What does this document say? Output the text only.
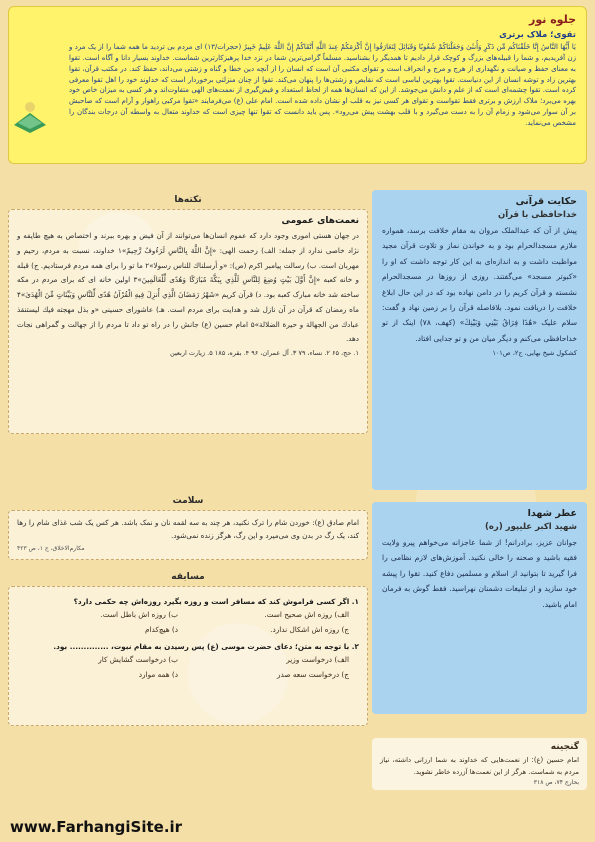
جلوه نور
تقوی؛ ملاک برتری
يَا أَيُّهَا النَّاسُ إِنَّا خَلَقْنَاكُم مِّن ذَكَرٍ وَأُنثَىٰ وَجَعَلْنَاكُمْ شُعُوبًا وَقَبَائِلَ لِتَعَارَفُوا إِنَّ أَكْرَمَكُمْ عِندَ اللَّهِ أَتْقَاكُمْ إِنَّ اللَّهَ عَلِيمٌ خَبِيرٌ (حجرات/۱۳) ای مردم بی تردید ما همه شما را از یک مرد و زن آفریدیم، و شما را قبیله‌های بزرگ و کوچک قرار دادیم تا همدیگر را بشناسید. مسلماً گرامی‌ترین شما در نزد خدا پرهیزکارترین شماست. خداوند بسیار دانا و آگاه است. تقوا به معنای حفظ و صیانت و نگهداری از هرج و مرج و انحراف است و تقوای مکتبی آن است که انسان را از آنچه دین خطا و گناه و زشتی می‌داند، حفظ کند. در مکتب قرآن، تقوا بهترین زاد و توشه انسان از این دنیاست. تقوا بهترین لباسی است که نقایص و زشتی‌ها را پنهان می‌کند. تقوا از چنان منزلتی برخوردار است که خداوند خود را اهل تقوا معرفی کرده است. تقوا چشمه‌ای است که از علم و دانش می‌جوشد. از این که انسان‌ها همه از لحاظ استعداد و فیض‌گیری از نعمت‌های الهی متفاوت‌اند و هر کسی به میزان خاص خود بهره می‌برد؛ ملاک ارزش و برتری فقط تقواست و تقوای هر کسی نیز به قلب او نشان داده شده است. امام علی (ع) می‌فرمایند «تقوا مرکبی راهوار و آرام است که صاحبش بر آن سوار می‌شود و زمام آن را به دست می‌گیرد و با قلب بهشت پیش می‌رود». پس باید دانست که تقوا تنها چیزی است که خداوند متعال به واسطه آن درجات بندگان را مشخص می‌نماید.
نکته‌ها
نعمت‌های عمومی

در جهان هستی اموری وجود دارد که عموم انسان‌ها می‌توانند از آن فیض و بهره ببرند و اختصاص به هیچ طایفه و نژاد خاصی ندارد از جمله: الف) رحمت الهی: «إِنَّ اللَّهَ بِالنَّاسِ لَرَءُوفٌ رَّحِيمٌ»۱ خداوند، نسبت به مردم، رحیم و مهربان است. ب) رسالت پیامبر اکرم (ص): «و أرسلناك للناس رسولا»۲ ما تو را برای همه مردم فرستادیم. ج) قبله و خانه کعبه «إِنَّ أَوَّلَ بَيْتٍ وُضِعَ لِلنَّاسِ لَلَّذِي بِبَكَّةَ مُبَارَكًا وَهُدًى لِّلْعَالَمِينَ»۳ اولین خانه ای که برای مردم در مکه ساخته شد خانه مبارک کعبه بود. د) قرآن کریم «شَهْرُ رَمَضَانَ الَّذِي أُنزِلَ فِيهِ الْقُرْآنُ هُدًى لِّلنَّاسِ وَبَيِّنَاتٍ مِّنَ الْهُدَىٰ»۴ ماه رمضان که قرآن در آن نازل شد و هدایت برای مردم است. هـ) عاشورای حسینی «و بذل مهجته فيك ليستنقذ عبادك من الجهالة و حيرة الضلالة»۵ امام حسین (ع) جانش را در راه تو داد تا مردم را از جهالت و گمراهی نجات دهد.

۱. حج، ۶۵ ۲. نساء، ۷۹ ۳. آل عمران، ۹۶ ۴. بقره، ۱۸۵ ۵. زیارت اربعین
سلامت

امام صادق (ع): خوردن شام را ترک نکنید، هر چند به سه لقمه نان و نمک باشد. هر کس یک شب غذای شام را رها کند، یک رگ در بدن وی می‌میرد و این رگ، هرگز زنده نمی‌شود.

مکارم‌الاخلاق، ج ۱، ص ۴۲۳
مسابقه
۱. اگر کسی فراموش کند که مسافر است و روزه بگیرد روزه‌اش چه حکمی دارد؟
الف) روزه اش صحیح است.
ب) روزه اش باطل است.
ج) روزه اش اشکال ندارد.
د) هیچ‌کدام
۲. با توجه به متن؛ دعای حضرت موسی (ع) پس رسیدن به مقام نبوت، .............. بود.
الف) درخواست وزیر
ب) درخواست گشایش کار
ج) درخواست سعه صدر
د) همه موارد
حکایت قرآنی
خداحافظی با قرآن

پیش از آن که عبدالملک مروان به مقام خلافت برسد، همواره ملازم مسجدالحرام بود و به خواندن نماز و تلاوت قرآن مجید مواظبت داشت و به اندازه‌ای به این کار توجه داشت که او را «کبوتر مسجد» می‌گفتند. روزی از روزها در مسجدالحرام نشسته و قرآن کریم را در دامن نهاده بود که در این حال ابلاغ خلافت را دریافت نمود. بلافاصله قرآن را بر زمین نهاد و گفت: سلام علیک «هَٰذَا فِرَاقُ بَيْنِي وَبَيْنِكَ» (کهف، ۷۸) اینک از تو خداحافظی می‌کنم و دیگر میان من و تو جدایی افتاد.

کشکول شیخ بهایی، ج۲، ص۱۰۱
عطر شهدا
شهید اکبر علیپور (ره)

جوانان عزیز، برادرانم! از شما عاجزانه می‌خواهم پیرو ولایت فقیه باشید و صحنه را خالی نکنید. آموزش‌های لازم نظامی را فرا گیرید تا بتوانید از اسلام و مسلمین دفاع کنید. تقوا را پیشه خود سازید و از تبلیغات دشمنان نهراسید. فقط گوش به فرمان امام باشید.

گنجینه

امام حسین (ع): از نعمت‌هایی که خداوند به شما ارزانی داشته، نیاز مردم به شماست. هرگز از این نعمت‌ها آزرده خاطر نشوید.

بحارج ۷۴، ص ۳۱۸
www.FarhangiSite.ir
